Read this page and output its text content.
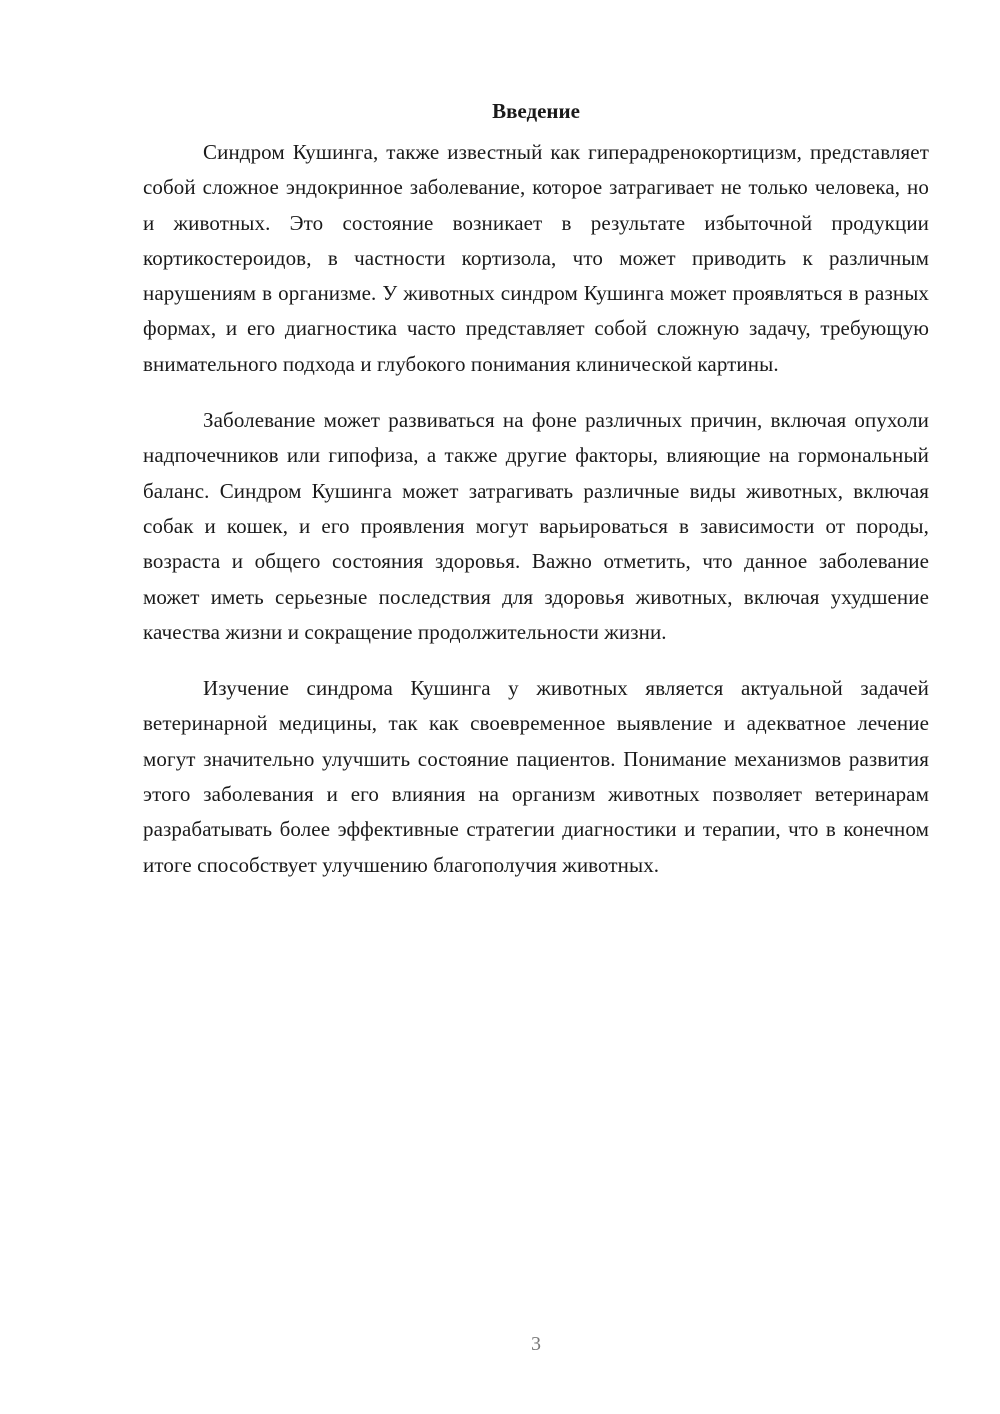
Введение

Синдром Кушинга, также известный как гиперадренокортицизм, представляет собой сложное эндокринное заболевание, которое затрагивает не только человека, но и животных. Это состояние возникает в результате избыточной продукции кортикостероидов, в частности кортизола, что может приводить к различным нарушениям в организме. У животных синдром Кушинга может проявляться в разных формах, и его диагностика часто представляет собой сложную задачу, требующую внимательного подхода и глубокого понимания клинической картины.

Заболевание может развиваться на фоне различных причин, включая опухоли надпочечников или гипофиза, а также другие факторы, влияющие на гормональный баланс. Синдром Кушинга может затрагивать различные виды животных, включая собак и кошек, и его проявления могут варьироваться в зависимости от породы, возраста и общего состояния здоровья. Важно отметить, что данное заболевание может иметь серьезные последствия для здоровья животных, включая ухудшение качества жизни и сокращение продолжительности жизни.

Изучение синдрома Кушинга у животных является актуальной задачей ветеринарной медицины, так как своевременное выявление и адекватное лечение могут значительно улучшить состояние пациентов. Понимание механизмов развития этого заболевания и его влияния на организм животных позволяет ветеринарам разрабатывать более эффективные стратегии диагностики и терапии, что в конечном итоге способствует улучшению благополучия животных.

3
